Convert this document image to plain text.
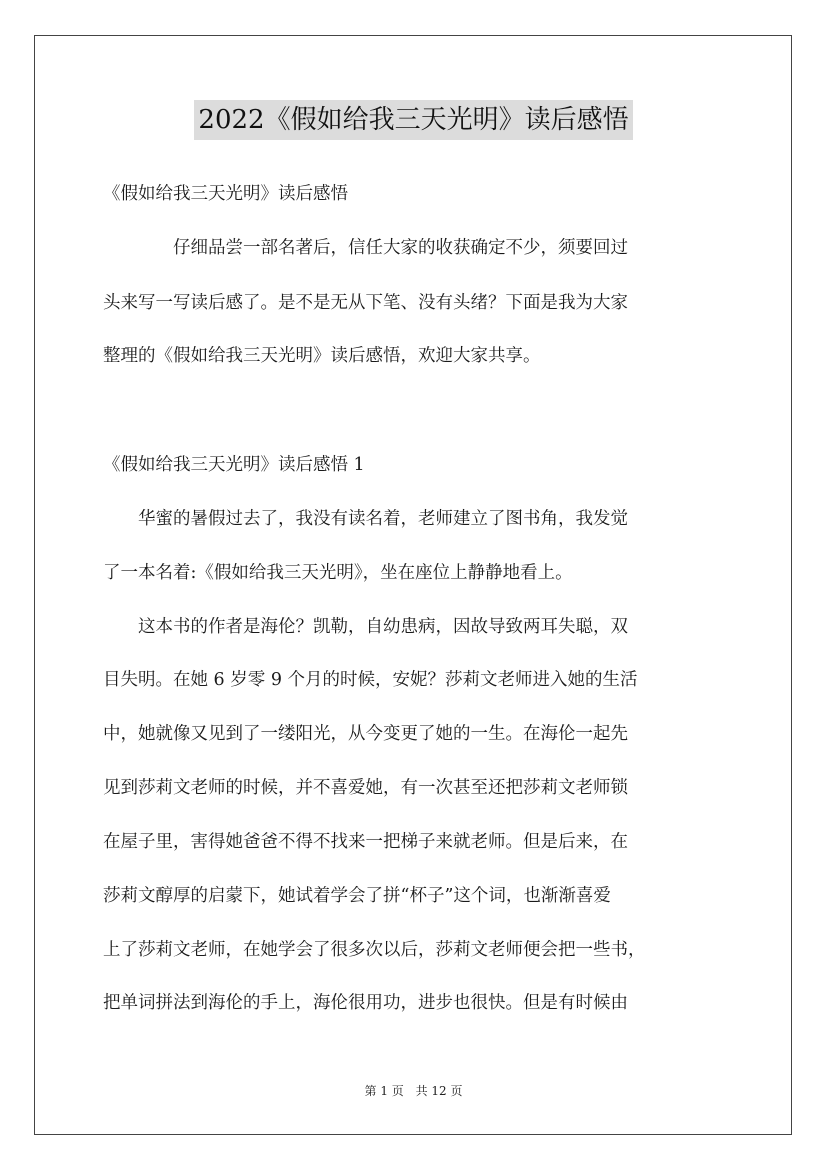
2022《假如给我三天光明》读后感悟
《假如给我三天光明》读后感悟
　　　　仔细品尝一部名著后，信任大家的收获确定不少，须要回过
头来写一写读后感了。是不是无从下笔、没有头绪？下面是我为大家
整理的《假如给我三天光明》读后感悟，欢迎大家共享。
《假如给我三天光明》读后感悟 1
　　华蜜的暑假过去了，我没有读名着，老师建立了图书角，我发觉
了一本名着:《假如给我三天光明》，坐在座位上静静地看上。
　　这本书的作者是海伦？凯勒，自幼患病，因故导致两耳失聪，双
目失明。在她 6 岁零 9 个月的时候，安妮？莎莉文老师进入她的生活
中，她就像又见到了一缕阳光，从今变更了她的一生。在海伦一起先
见到莎莉文老师的时候，并不喜爱她，有一次甚至还把莎莉文老师锁
在屋子里，害得她爸爸不得不找来一把梯子来就老师。但是后来，在
莎莉文醇厚的启蒙下，她试着学会了拼“杯子”这个词，也渐渐喜爱
上了莎莉文老师，在她学会了很多次以后，莎莉文老师便会把一些书，
把单词拼法到海伦的手上，海伦很用功，进步也很快。但是有时候由
第 1 页 共 12 页
